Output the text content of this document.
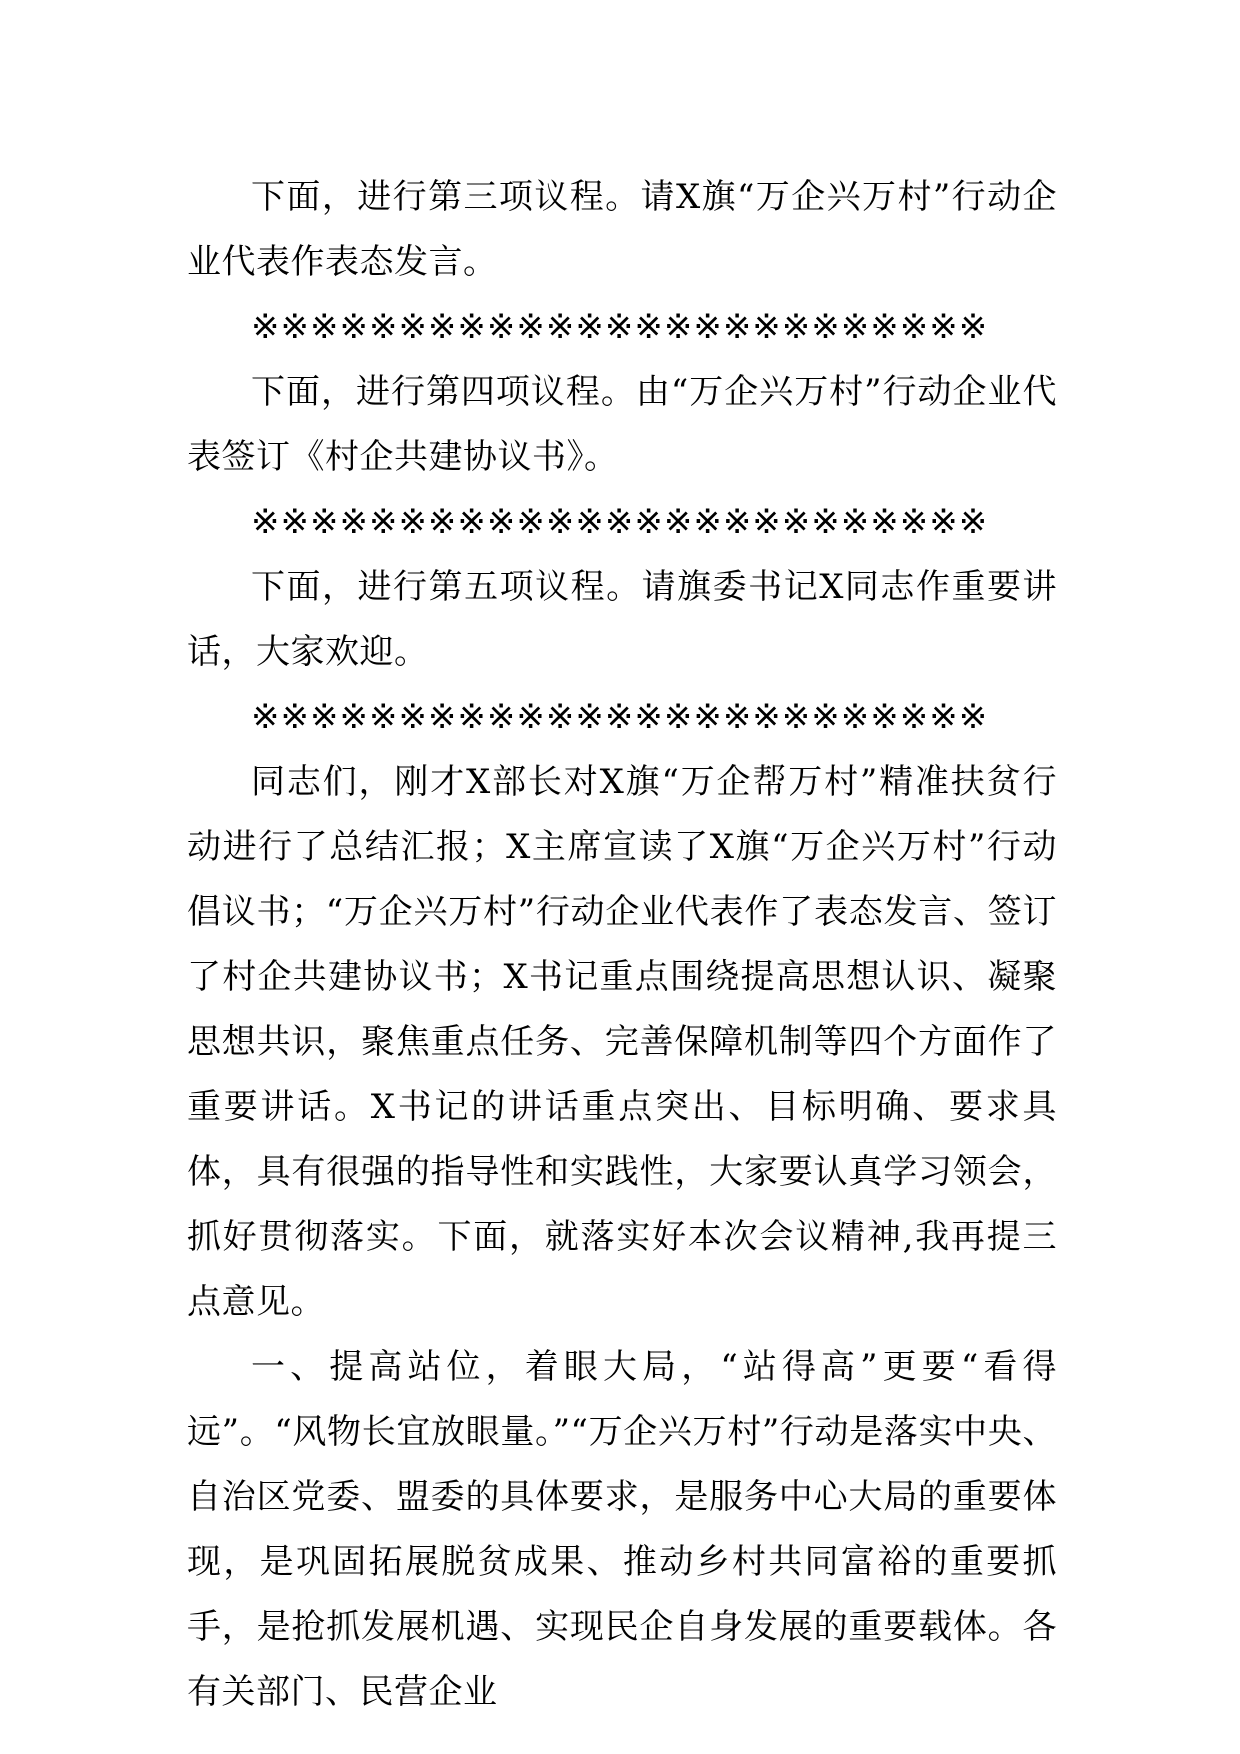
下面，进行第三项议程。请X旗“万企兴万村”行动企业代表作表态发言。

※※※※※※※※※※※※※※※※※※※※※※※※※

下面，进行第四项议程。由“万企兴万村”行动企业代表签订《村企共建协议书》。

※※※※※※※※※※※※※※※※※※※※※※※※※

下面，进行第五项议程。请旗委书记X同志作重要讲话，大家欢迎。

※※※※※※※※※※※※※※※※※※※※※※※※※

同志们，刚才X部长对X旗“万企帮万村”精准扶贫行动进行了总结汇报；X主席宣读了X旗“万企兴万村”行动倡议书；“万企兴万村”行动企业代表作了表态发言、签订了村企共建协议书；X书记重点围绕提高思想认识、凝聚思想共识，聚焦重点任务、完善保障机制等四个方面作了重要讲话。X书记的讲话重点突出、目标明确、要求具体，具有很强的指导性和实践性，大家要认真学习领会，抓好贯彻落实。下面，就落实好本次会议精神,我再提三点意见。

一、提高站位，着眼大局，“站得高”更要“看得远”。“风物长宜放眼量。”“万企兴万村”行动是落实中央、自治区党委、盟委的具体要求，是服务中心大局的重要体现，是巩固拓展脱贫成果、推动乡村共同富裕的重要抓手，是抢抓发展机遇、实现民企自身发展的重要载体。各有关部门、民营企业
